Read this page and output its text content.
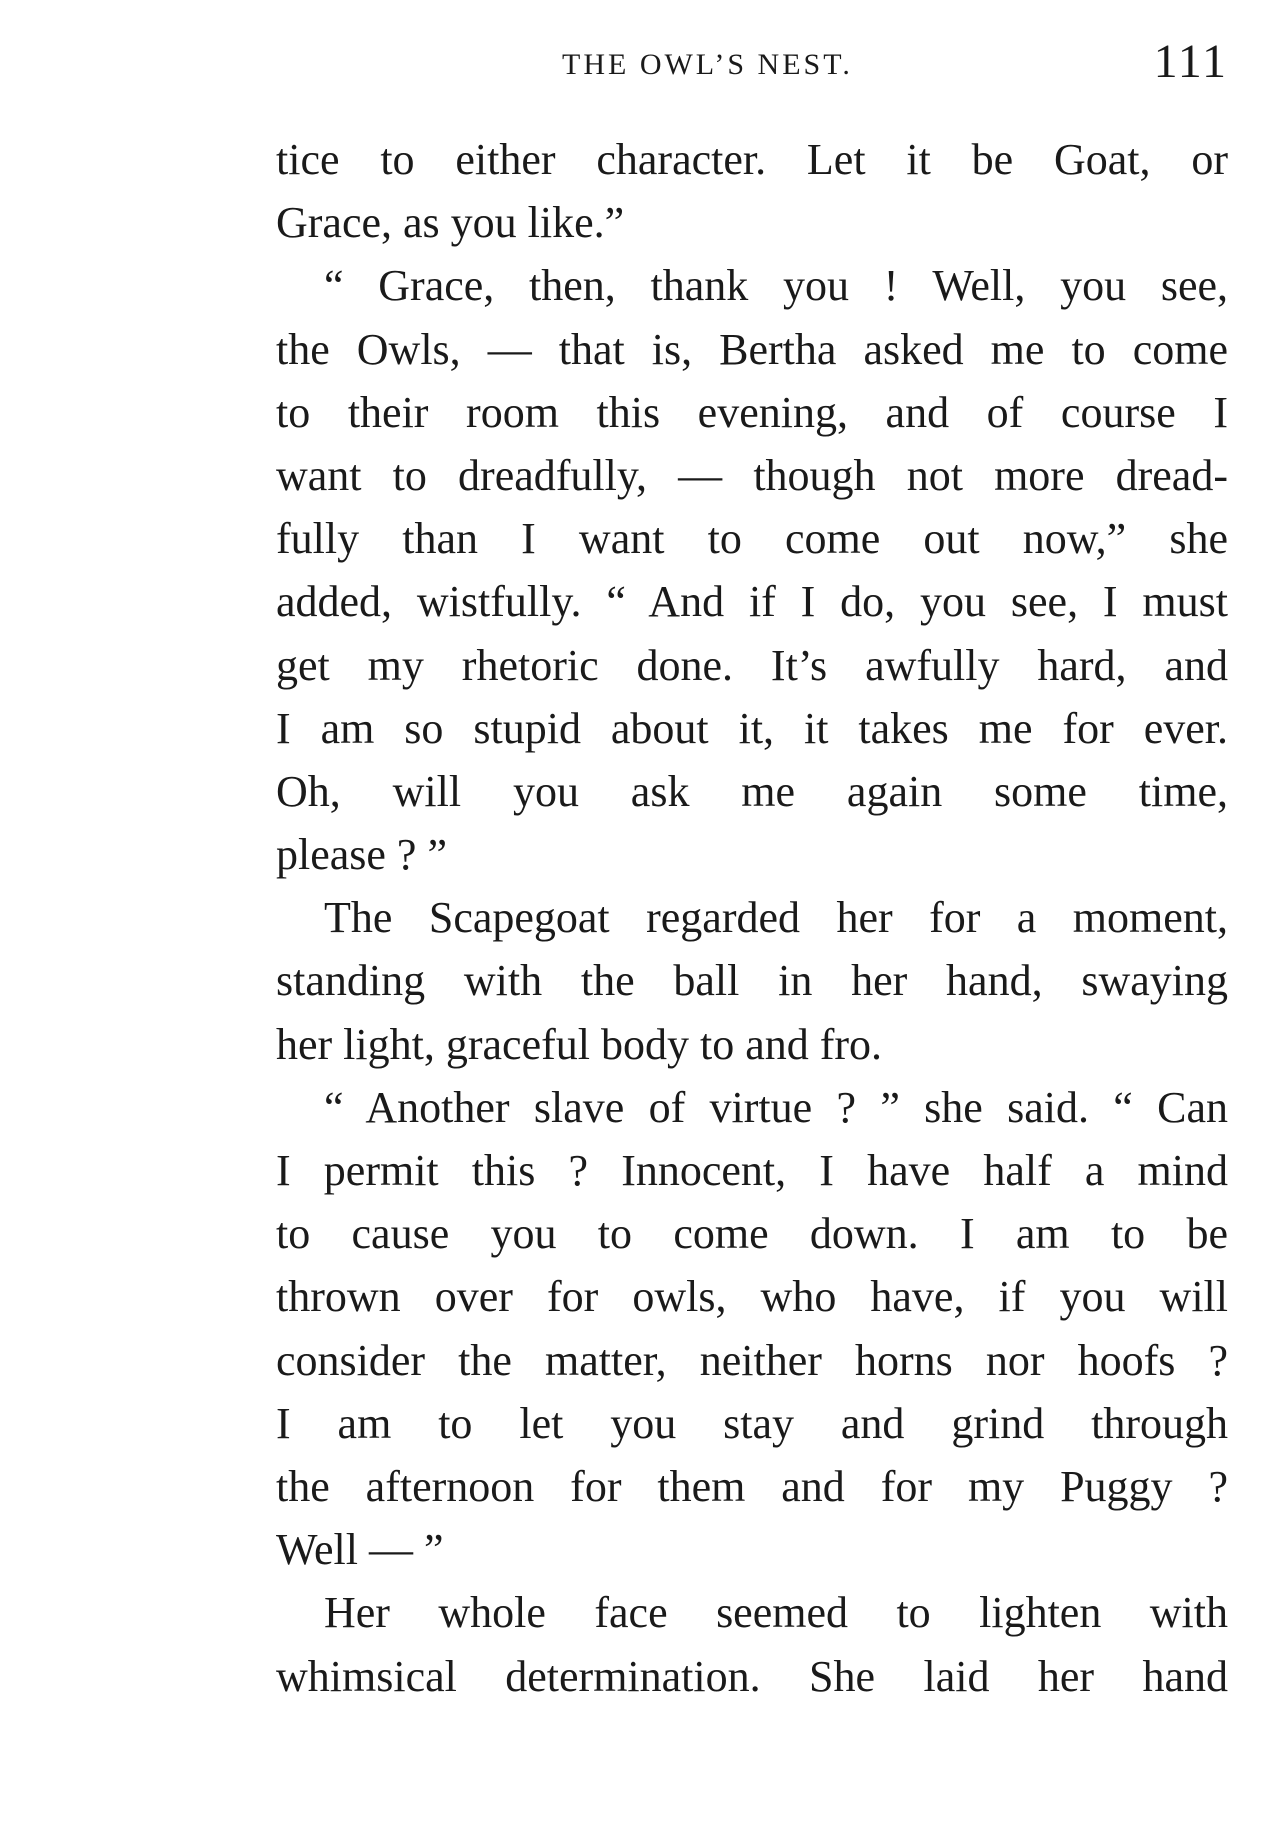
THE OWL’S NEST.	111
tice to either character. Let it be Goat, or
Grace, as you like.”
“ Grace, then, thank you ! Well, you see,
the Owls, — that is, Bertha asked me to come
to their room this evening, and of course I
want to dreadfully, — though not more dread-
fully than I want to come out now,” she
added, wistfully. “ And if I do, you see, I must
get my rhetoric done. It’s awfully hard, and
I am so stupid about it, it takes me for ever.
Oh, will you ask me again some time,
please ? ”
The Scapegoat regarded her for a moment,
standing with the ball in her hand, swaying
her light, graceful body to and fro.
“ Another slave of virtue ? ” she said. “ Can
I permit this ? Innocent, I have half a mind
to cause you to come down. I am to be
thrown over for owls, who have, if you will
consider the matter, neither horns nor hoofs ?
I am to let you stay and grind through
the afternoon for them and for my Puggy ?
Well — ”
Her whole face seemed to lighten with
whimsical determination. She laid her hand
